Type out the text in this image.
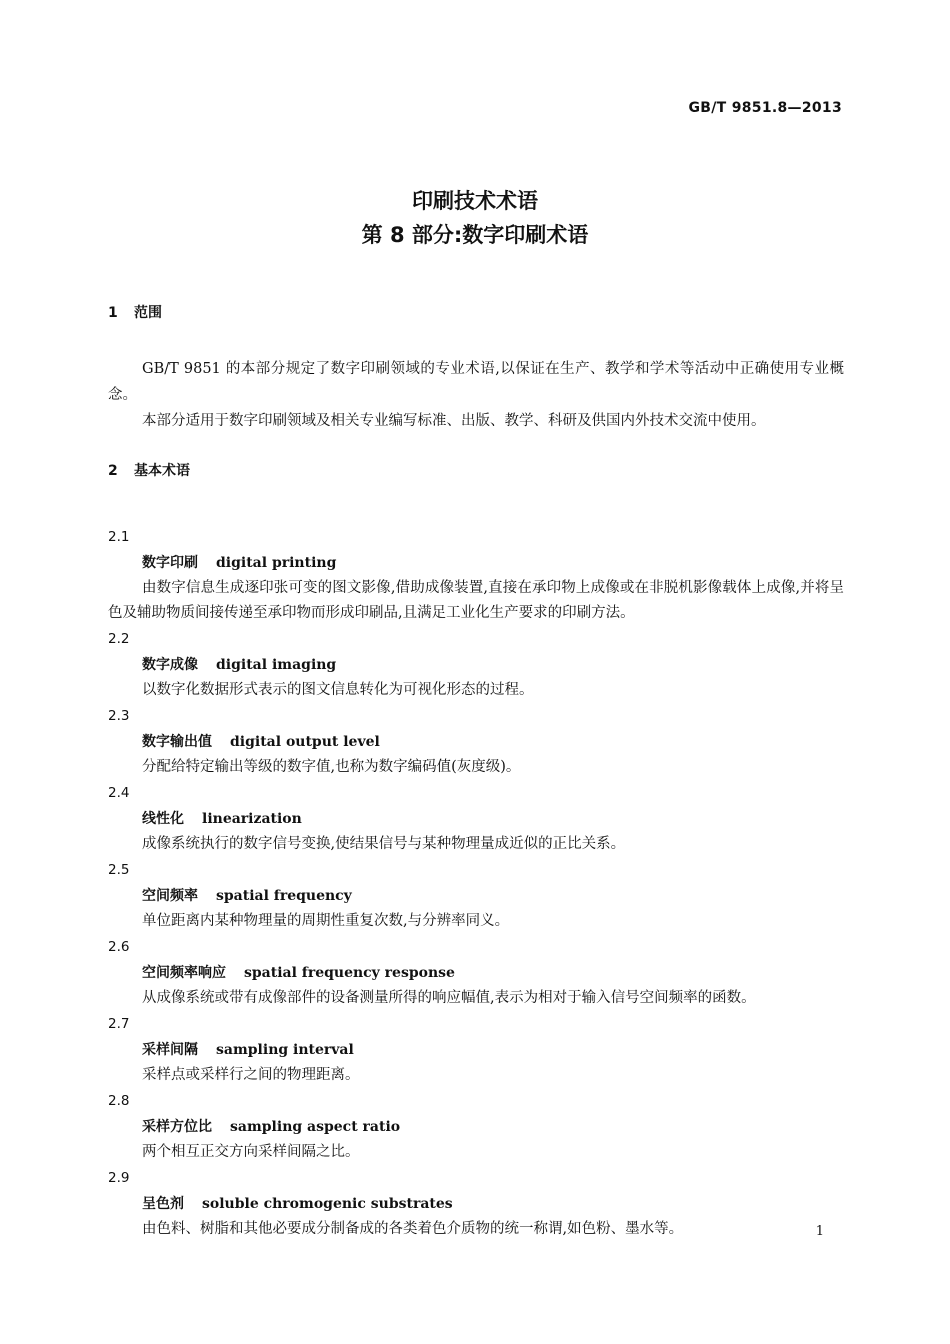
GB/T 9851.8—2013
印刷技术术语
第 8 部分:数字印刷术语
1 范围

GB/T 9851 的本部分规定了数字印刷领域的专业术语,以保证在生产、教学和学术等活动中正确使用专业概念。

本部分适用于数字印刷领域及相关专业编写标准、出版、教学、科研及供国内外技术交流中使用。

2 基本术语
2.1
数字印刷 digital printing

由数字信息生成逐印张可变的图文影像,借助成像装置,直接在承印物上成像或在非脱机影像载体上成像,并将呈色及辅助物质间接传递至承印物而形成印刷品,且满足工业化生产要求的印刷方法。

2.2
数字成像 digital imaging

以数字化数据形式表示的图文信息转化为可视化形态的过程。

2.3
数字输出值 digital output level

分配给特定输出等级的数字值,也称为数字编码值(灰度级)。

2.4
线性化 linearization

成像系统执行的数字信号变换,使结果信号与某种物理量成近似的正比关系。

2.5
空间频率 spatial frequency

单位距离内某种物理量的周期性重复次数,与分辨率同义。

2.6
空间频率响应 spatial frequency response

从成像系统或带有成像部件的设备测量所得的响应幅值,表示为相对于输入信号空间频率的函数。

2.7
采样间隔 sampling interval

采样点或采样行之间的物理距离。

2.8
采样方位比 sampling aspect ratio

两个相互正交方向采样间隔之比。

2.9
呈色剂 soluble chromogenic substrates

由色料、树脂和其他必要成分制备成的各类着色介质物的统一称谓,如色粉、墨水等。	1
